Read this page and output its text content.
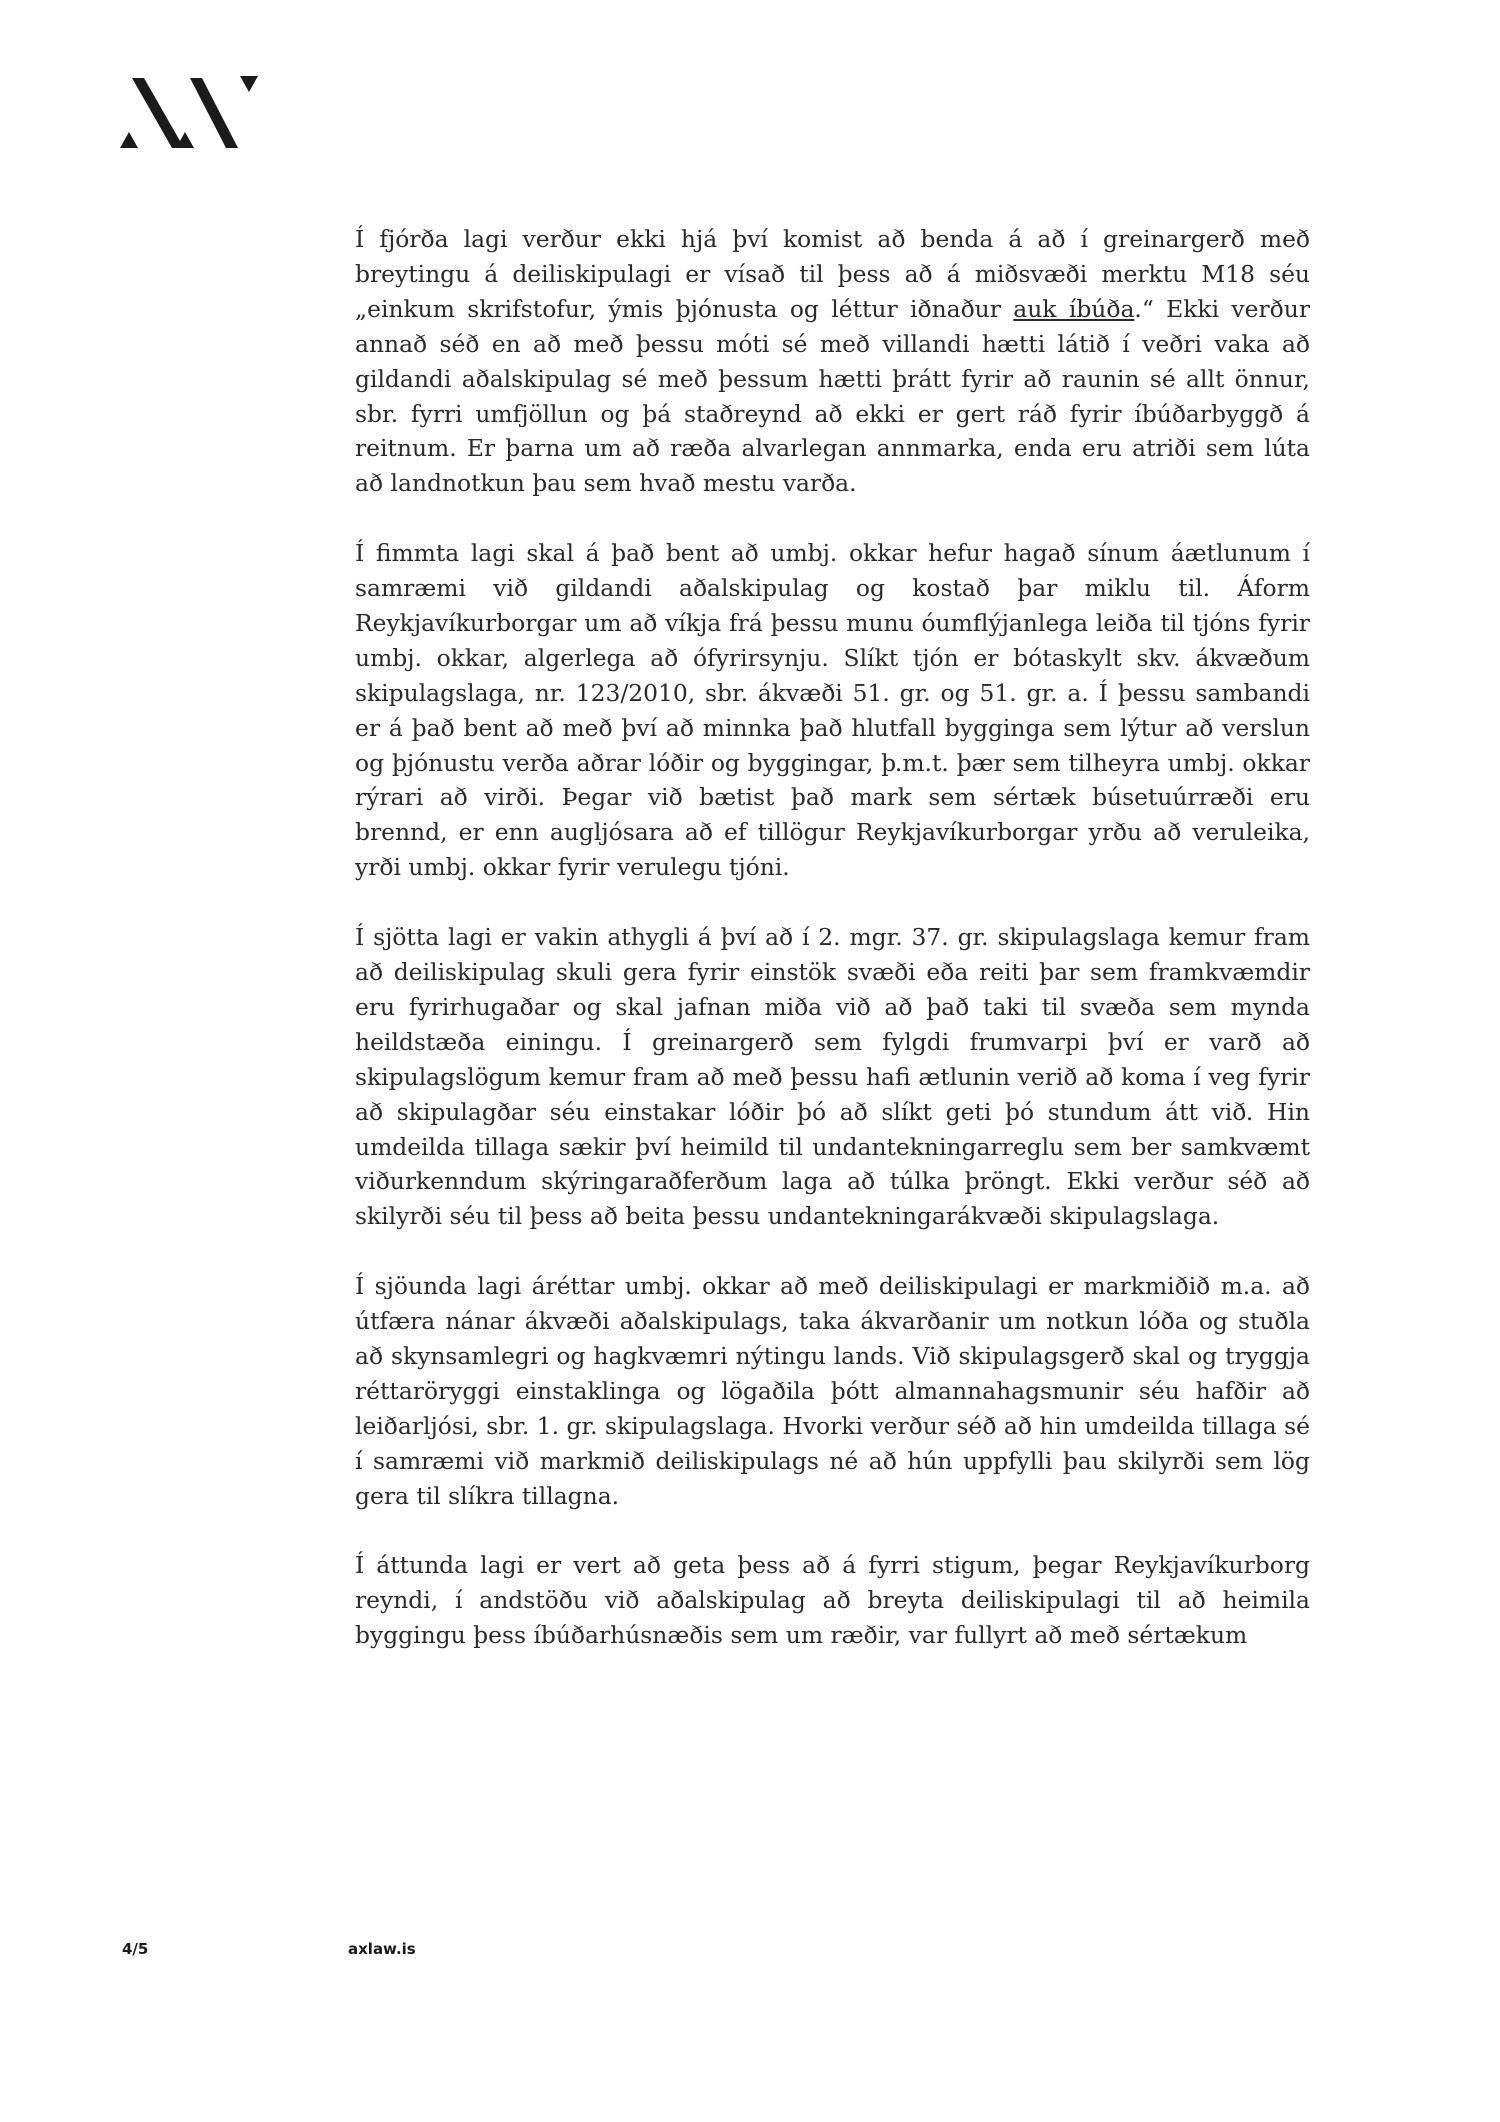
Í fjórða lagi verður ekki hjá því komist að benda á að í greinargerð með breytingu á deiliskipulagi er vísað til þess að á miðsvæði merktu M18 séu „einkum skrifstofur, ýmis þjónusta og léttur iðnaður auk íbúða.“ Ekki verður annað séð en að með þessu móti sé með villandi hætti látið í veðri vaka að gildandi aðalskipulag sé með þessum hætti þrátt fyrir að raunin sé allt önnur, sbr. fyrri umfjöllun og þá staðreynd að ekki er gert ráð fyrir íbúðarbyggð á reitnum. Er þarna um að ræða alvarlegan annmarka, enda eru atriði sem lúta að landnotkun þau sem hvað mestu varða.

Í fimmta lagi skal á það bent að umbj. okkar hefur hagað sínum áætlunum í samræmi við gildandi aðalskipulag og kostað þar miklu til. Áform Reykjavíkurborgar um að víkja frá þessu munu óumflýjanlega leiða til tjóns fyrir umbj. okkar, algerlega að ófyrirsynju. Slíkt tjón er bótaskylt skv. ákvæðum skipulagslaga, nr. 123/2010, sbr. ákvæði 51. gr. og 51. gr. a. Í þessu sambandi er á það bent að með því að minnka það hlutfall bygginga sem lýtur að verslun og þjónustu verða aðrar lóðir og byggingar, þ.m.t. þær sem tilheyra umbj. okkar rýrari að virði. Þegar við bætist það mark sem sértæk búsetuúrræði eru brennd, er enn augljósara að ef tillögur Reykjavíkurborgar yrðu að veruleika, yrði umbj. okkar fyrir verulegu tjóni.

Í sjötta lagi er vakin athygli á því að í 2. mgr. 37. gr. skipulagslaga kemur fram að deiliskipulag skuli gera fyrir einstök svæði eða reiti þar sem framkvæmdir eru fyrirhugaðar og skal jafnan miða við að það taki til svæða sem mynda heildstæða einingu. Í greinargerð sem fylgdi frumvarpi því er varð að skipulagslögum kemur fram að með þessu hafi ætlunin verið að koma í veg fyrir að skipulagðar séu einstakar lóðir þó að slíkt geti þó stundum átt við. Hin umdeilda tillaga sækir því heimild til undantekningarreglu sem ber samkvæmt viðurkenndum skýringaraðferðum laga að túlka þröngt. Ekki verður séð að skilyrði séu til þess að beita þessu undantekningarákvæði skipulagslaga.

Í sjöunda lagi áréttar umbj. okkar að með deiliskipulagi er markmiðið m.a. að útfæra nánar ákvæði aðalskipulags, taka ákvarðanir um notkun lóða og stuðla að skynsamlegri og hagkvæmri nýtingu lands. Við skipulagsgerð skal og tryggja réttaröryggi einstaklinga og lögaðila þótt almannahagsmunir séu hafðir að leiðarljósi, sbr. 1. gr. skipulagslaga. Hvorki verður séð að hin umdeilda tillaga sé í samræmi við markmið deiliskipulags né að hún uppfylli þau skilyrði sem lög gera til slíkra tillagna.

Í áttunda lagi er vert að geta þess að á fyrri stigum, þegar Reykjavíkurborg reyndi, í andstöðu við aðalskipulag að breyta deiliskipulagi til að heimila byggingu þess íbúðarhúsnæðis sem um ræðir, var fullyrt að með sértækum

4/5	axlaw.is
